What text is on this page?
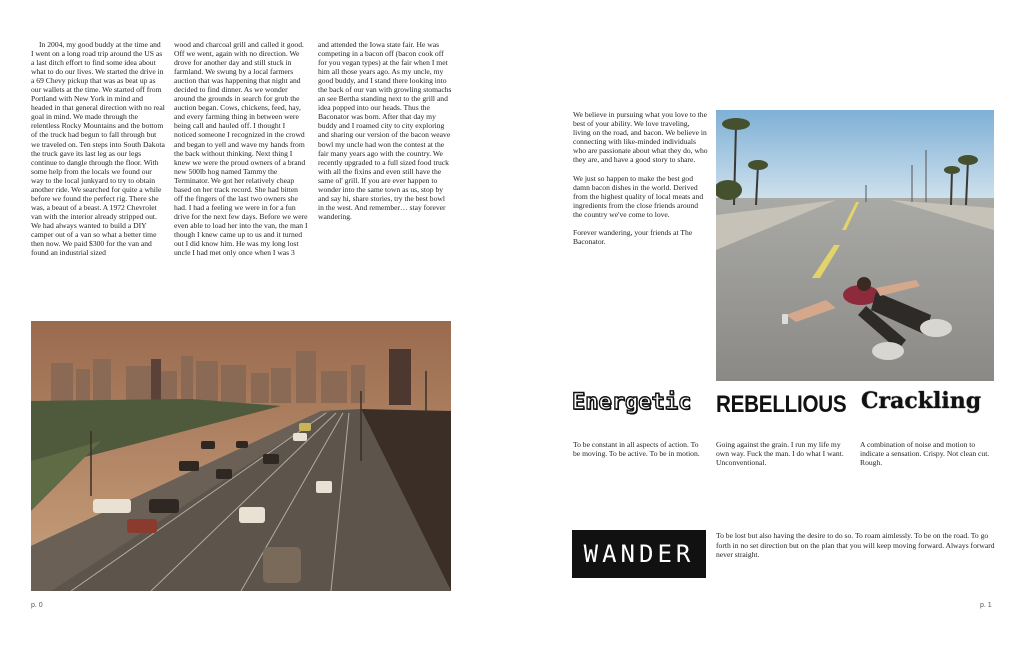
In 2004, my good buddy at the time and I went on a long road trip around the US as a last ditch effort to find some idea about what to do our lives. We started the drive in a 69 Chevy pickup that was as beat up as our wallets at the time. We started off from Portland with New York in mind and headed in that general direction with no real goal in mind. We made through the relentless Rocky Mountains and the bottom of the truck had begun to fall through but we traveled on. Ten steps into South Dakota the truck gave its last leg as our legs continue to dangle through the floor. With some help from the locals we found our way to the local junkyard to try to obtain another ride. We searched for quite a while before we found the perfect rig. There she was, a beaut of a beast. A 1972 Chevrolet van with the interior already stripped out. We had always wanted to build a DIY camper out of a van so what a better time then now. We paid $300 for the van and found an industrial sized

wood and charcoal grill and called it good. Off we went, again with no direction. We drove for another day and still stuck in farmland. We swung by a local farmers auction that was happening that night and decided to find dinner. As we wonder around the grounds in search for grub the auction began. Cows, chickens, feed, hay, and every farming thing in between were being call and hauled off. I thought I noticed someone I recognized in the crowd and began to yell and wave my hands from the back without thinking. Next thing I knew we were the proud owners of a brand new 500lb hog named Tammy the Terminator. We got her relatively cheap based on her track record. She had bitten off the fingers of the last two owners she had. I had a feeling we were in for a fun drive for the next few days. Before we were even able to load her into the van, the man I though I knew came up to us and it turned out I did know him. He was my long lost uncle I had met only once when I was 3

and attended the Iowa state fair. He was competing in a bacon off (bacon cook off for you vegan types) at the fair when I met him all those years ago. As my uncle, my good buddy, and I stand there looking into the back of our van with growling stomachs an see Bertha standing next to the grill and idea popped into our heads. Thus the Baconator was born. After that day my buddy and I roamed city to city exploring and sharing our version of the bacon weave bowl my uncle had won the contest at the fair many years ago with the country. We recently upgraded to a full sized food truck with all the fixins and even still have the same ol' grill. If you are ever happen to wonder into the same town as us, stop by and say hi, share stories, try the best bowl in the west. And remember… stay forever wandering.

p. 0

We believe in pursuing what you love to the best of your ability. We love traveling, living on the road, and bacon. We believe in connecting with like-minded individuals who are passionate about what they do, who they are, and have a good story to share.

We just so happen to make the best god damn bacon dishes in the world. Derived from the highest quality of local meats and ingredients from the close friends around the country we've come to love.

Forever wandering, your friends at The Baconator.

Energetic REBELLIOUS Crackling
To be constant in all aspects of action. To be moving. To be active. To be in motion.
Going against the grain. I run my life my own way. Fuck the man. I do what I want. Unconventional.
A combination of noise and motion to indicate a sensation. Crispy. Not clean cut. Rough.
WANDER
To be lost but also having the desire to do so. To roam aimlessly. To be on the road. To go forth in no set direction but on the plan that you will keep moving forward. Always forward never straight.
p. 1
